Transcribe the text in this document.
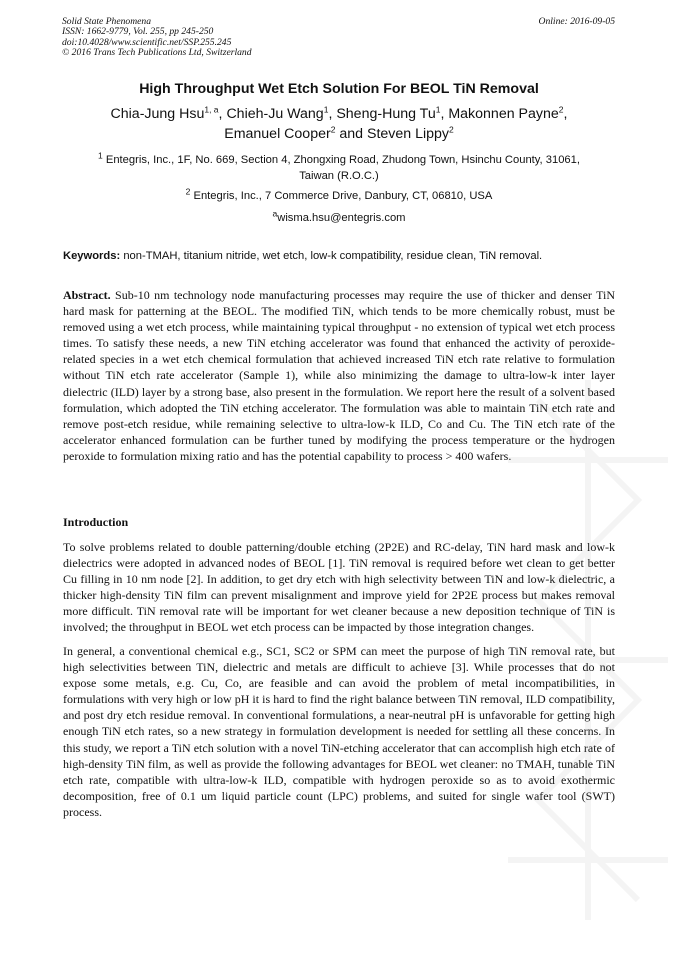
Solid State Phenomena
ISSN: 1662-9779, Vol. 255, pp 245-250
doi:10.4028/www.scientific.net/SSP.255.245
© 2016 Trans Tech Publications Ltd, Switzerland
Online: 2016-09-05
High Throughput Wet Etch Solution For BEOL TiN Removal
Chia-Jung Hsu$^{1, a}$, Chieh-Ju Wang$^1$, Sheng-Hung Tu$^1$, Makonnen Payne$^2$,
Emanuel Cooper$^2$ and Steven Lippy$^2$
$^1$ Entegris, Inc., 1F, No. 669, Section 4, Zhongxing Road, Zhudong Town, Hsinchu County, 31061,
Taiwan (R.O.C.)
$^2$ Entegris, Inc., 7 Commerce Drive, Danbury, CT, 06810, USA
$^a$wisma.hsu@entegris.com
Keywords: non-TMAH, titanium nitride, wet etch, low-k compatibility, residue clean, TiN removal.
Abstract. Sub-10 nm technology node manufacturing processes may require the use of thicker and denser TiN hard mask for patterning at the BEOL. The modified TiN, which tends to be more chemically robust, must be removed using a wet etch process, while maintaining typical throughput - no extension of typical wet etch process times. To satisfy these needs, a new TiN etching accelerator was found that enhanced the activity of peroxide-related species in a wet etch chemical formulation that achieved increased TiN etch rate relative to formulation without TiN etch rate accelerator (Sample 1), while also minimizing the damage to ultra-low-k inter layer dielectric (ILD) layer by a strong base, also present in the formulation. We report here the result of a solvent based formulation, which adopted the TiN etching accelerator. The formulation was able to maintain TiN etch rate and remove post-etch residue, while remaining selective to ultra-low-k ILD, Co and Cu. The TiN etch rate of the accelerator enhanced formulation can be further tuned by modifying the process temperature or the hydrogen peroxide to formulation mixing ratio and has the potential capability to process > 400 wafers.
Introduction
To solve problems related to double patterning/double etching (2P2E) and RC-delay, TiN hard mask and low-k dielectrics were adopted in advanced nodes of BEOL [1]. TiN removal is required before wet clean to get better Cu filling in 10 nm node [2]. In addition, to get dry etch with high selectivity between TiN and low-k dielectric, a thicker high-density TiN film can prevent misalignment and improve yield for 2P2E process but makes removal more difficult. TiN removal rate will be important for wet cleaner because a new deposition technique of TiN is involved; the throughput in BEOL wet etch process can be impacted by those integration changes.
In general, a conventional chemical e.g., SC1, SC2 or SPM can meet the purpose of high TiN removal rate, but high selectivities between TiN, dielectric and metals are difficult to achieve [3]. While processes that do not expose some metals, e.g. Cu, Co, are feasible and can avoid the problem of metal incompatibilities, in formulations with very high or low pH it is hard to find the right balance between TiN removal, ILD compatibility, and post dry etch residue removal. In conventional formulations, a near-neutral pH is unfavorable for getting high enough TiN etch rates, so a new strategy in formulation development is needed for settling all these concerns. In this study, we report a TiN etch solution with a novel TiN-etching accelerator that can accomplish high etch rate of high-density TiN film, as well as provide the following advantages for BEOL wet cleaner: no TMAH, tunable TiN etch rate, compatible with ultra-low-k ILD, compatible with hydrogen peroxide so as to avoid exothermic decomposition, free of 0.1 um liquid particle count (LPC) problems, and suited for single wafer tool (SWT) process.
